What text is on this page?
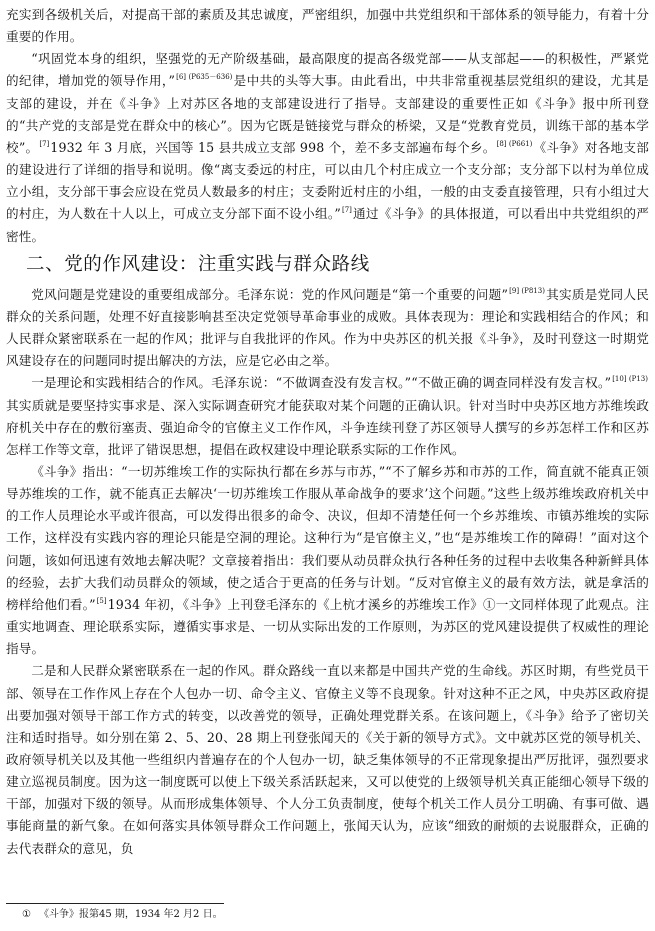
充实到各级机关后，对提高干部的素质及其忠诚度，严密组织，加强中共党组织和干部体系的领导能力，有着十分重要的作用。

“巩固党本身的组织，坚强党的无产阶级基础，最高限度的提高各级党部——从支部起——的积极性，严紧党的纪律，增加党的领导作用，”$^{[6] (P635-636)}$是中共的头等大事。由此看出，中共非常重视基层党组织的建设，尤其是支部的建设，并在《斗争》上对苏区各地的支部建设进行了指导。支部建设的重要性正如《斗争》报中所刊登的“共产党的支部是党在群众中的核心”。因为它既是链接党与群众的桥梁，又是“党教育党员，训练干部的基本学校”。[7]1932 年 3 月底，兴国等 15 县共成立支部 998 个，差不多支部遍布每个乡。$^{[8] (P661)}$《斗争》对各地支部的建设进行了详细的指导和说明。像“离支委远的村庄，可以由几个村庄成立一个支分部；支分部下以村为单位成立小组，支分部干事会应设在党员人数最多的村庄；支委附近村庄的小组，一般的由支委直接管理，只有小组过大的村庄，为人数在十人以上，可成立支分部下面不设小组。”[7]通过《斗争》的具体报道，可以看出中共党组织的严密性。

二、党的作风建设：注重实践与群众路线

党风问题是党建设的重要组成部分。毛泽东说：党的作风问题是“第一个重要的问题”$^{[9] (P813)}$其实质是党同人民群众的关系问题，处理不好直接影响甚至决定党领导革命事业的成败。具体表现为：理论和实践相结合的作风；和人民群众紧密联系在一起的作风；批评与自我批评的作风。作为中央苏区的机关报《斗争》，及时刊登这一时期党风建设存在的问题同时提出解决的方法，应是它必由之举。

一是理论和实践相结合的作风。毛泽东说：“不做调查没有发言权。”“不做正确的调查同样没有发言权。”$^{[10] (P13)}$其实质就是要坚持实事求是、深入实际调查研究才能获取对某个问题的正确认识。针对当时中央苏区地方苏维埃政府机关中存在的敷衍塞责、强迫命令的官僚主义工作作风，斗争连续刊登了苏区领导人撰写的乡苏怎样工作和区苏怎样工作等文章，批评了错误思想，提倡在政权建设中理论联系实际的工作作风。

《斗争》指出：“一切苏维埃工作的实际执行都在乡苏与市苏，”“不了解乡苏和市苏的工作，简直就不能真正领导苏维埃的工作，就不能真正去解决‘一切苏维埃工作服从革命战争的要求’这个问题。”这些上级苏维埃政府机关中的工作人员理论水平或许很高，可以发得出很多的命令、决议，但却不清楚任何一个乡苏维埃、市镇苏维埃的实际工作，这样没有实践内容的理论只能是空洞的理论。这种行为“是官僚主义，”也“是苏维埃工作的障碍！”面对这个问题，该如何迅速有效地去解决呢？文章接着指出：我们要从动员群众执行各种任务的过程中去收集各种新鲜具体的经验，去扩大我们动员群众的领域，使之适合于更高的任务与计划。“反对官僚主义的最有效方法，就是拿活的榜样给他们看。”[5]1934 年初，《斗争》上刊登毛泽东的《上杭才溪乡的苏维埃工作》①一文同样体现了此观点。注重实地调查、理论联系实际，遵循实事求是、一切从实际出发的工作原则，为苏区的党风建设提供了权威性的理论指导。

二是和人民群众紧密联系在一起的作风。群众路线一直以来都是中国共产党的生命线。苏区时期，有些党员干部、领导在工作作风上存在个人包办一切、命令主义、官僚主义等不良现象。针对这种不正之风，中央苏区政府提出要加强对领导干部工作方式的转变，以改善党的领导，正确处理党群关系。在该问题上，《斗争》给予了密切关注和适时指导。如分别在第 2、5、20、28 期上刊登张闻天的《关于新的领导方式》。文中就苏区党的领导机关、政府领导机关以及其他一些组织内普遍存在的个人包办一切，缺乏集体领导的不正常现象提出严厉批评，强烈要求建立巡视员制度。因为这一制度既可以使上下级关系活跃起来，又可以使党的上级领导机关真正能细心领导下级的干部，加强对下级的领导。从而形成集体领导、个人分工负责制度，使每个机关工作人员分工明确、有事可做、遇事能商量的新气象。在如何落实具体领导群众工作问题上，张闻天认为，应该“细致的耐烦的去说服群众，正确的去代表群众的意见，负

① 《斗争》报第45 期，1934 年2 月2 日。
